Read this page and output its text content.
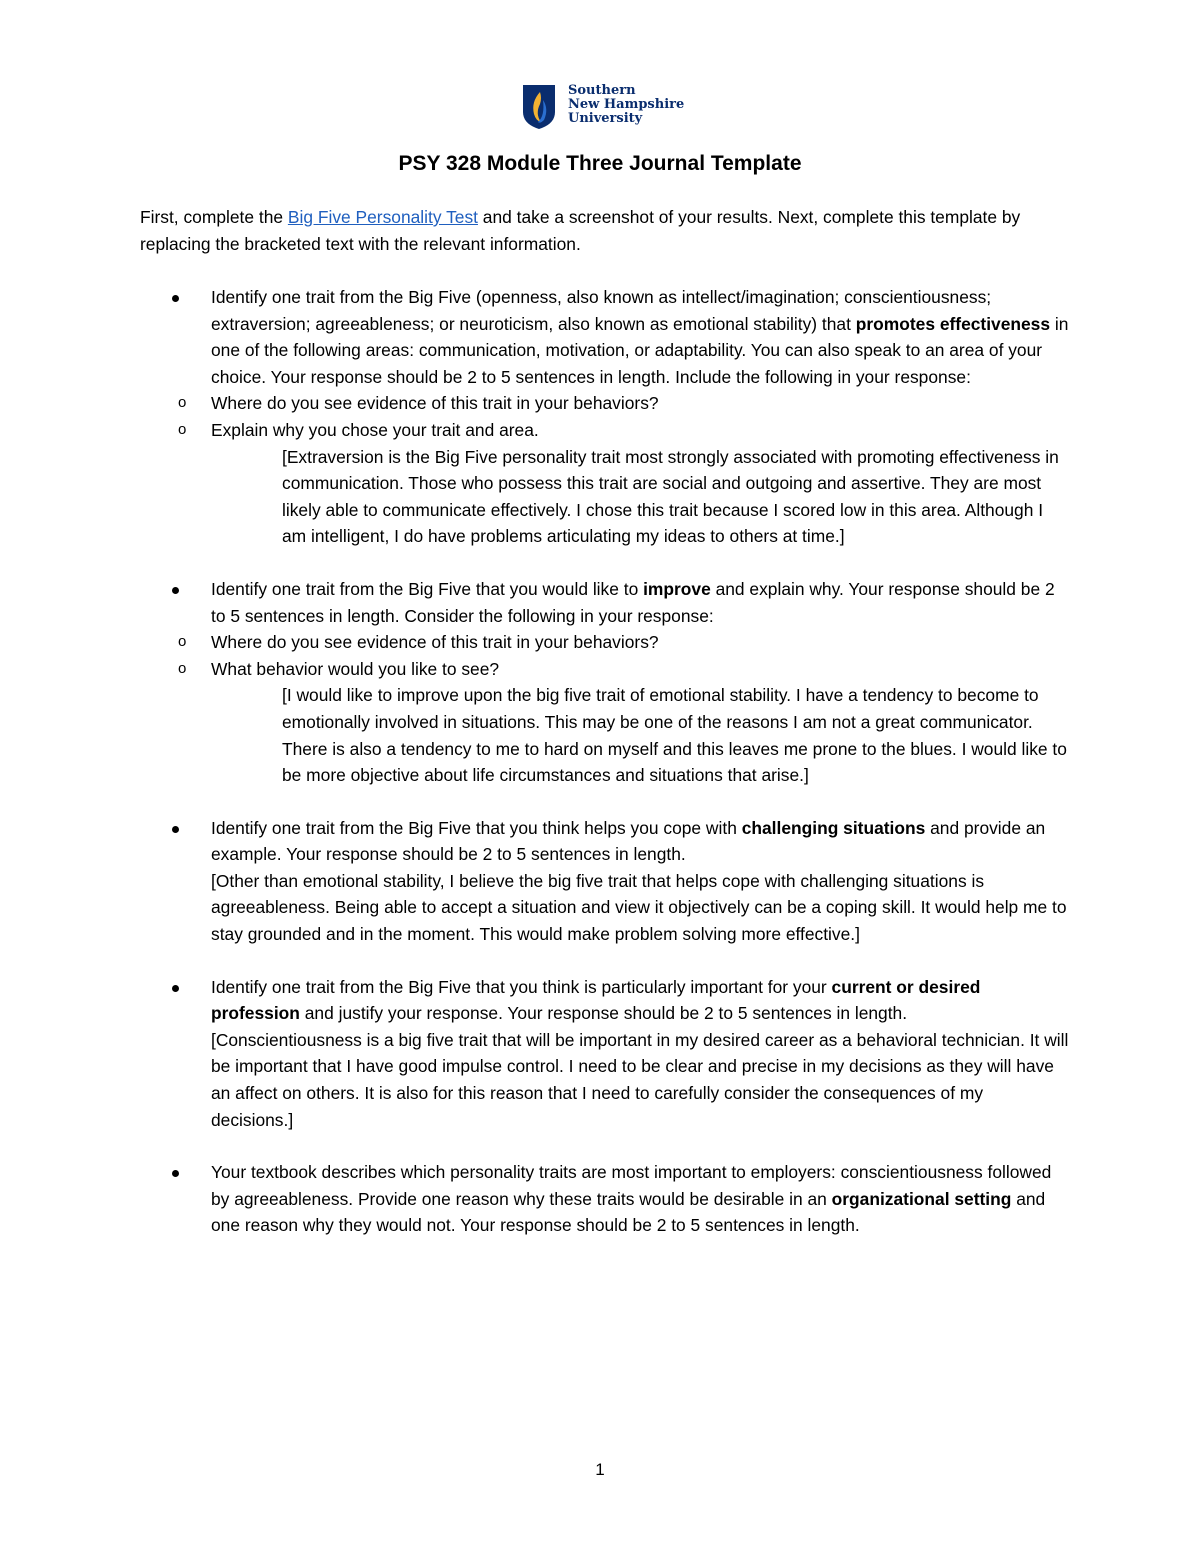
Southern
New Hampshire
University
PSY 328 Module Three Journal Template
First, complete the Big Five Personality Test and take a screenshot of your results. Next, complete this template by replacing the bracketed text with the relevant information.
Identify one trait from the Big Five (openness, also known as intellect/imagination; conscientiousness; extraversion; agreeableness; or neuroticism, also known as emotional stability) that promotes effectiveness in one of the following areas: communication, motivation, or adaptability. You can also speak to an area of your choice. Your response should be 2 to 5 sentences in length. Include the following in your response:
o Where do you see evidence of this trait in your behaviors?
o Explain why you chose your trait and area.
[Extraversion is the Big Five personality trait most strongly associated with promoting effectiveness in communication. Those who possess this trait are social and outgoing and assertive. They are most likely able to communicate effectively. I chose this trait because I scored low in this area. Although I am intelligent, I do have problems articulating my ideas to others at time.]
Identify one trait from the Big Five that you would like to improve and explain why. Your response should be 2 to 5 sentences in length. Consider the following in your response:
o Where do you see evidence of this trait in your behaviors?
o What behavior would you like to see?
[I would like to improve upon the big five trait of emotional stability. I have a tendency to become to emotionally involved in situations. This may be one of the reasons I am not a great communicator. There is also a tendency to me to hard on myself and this leaves me prone to the blues. I would like to be more objective about life circumstances and situations that arise.]
Identify one trait from the Big Five that you think helps you cope with challenging situations and provide an example. Your response should be 2 to 5 sentences in length.
[Other than emotional stability, I believe the big five trait that helps cope with challenging situations is agreeableness. Being able to accept a situation and view it objectively can be a coping skill. It would help me to stay grounded and in the moment. This would make problem solving more effective.]
Identify one trait from the Big Five that you think is particularly important for your current or desired profession and justify your response. Your response should be 2 to 5 sentences in length.
[Conscientiousness is a big five trait that will be important in my desired career as a behavioral technician. It will be important that I have good impulse control. I need to be clear and precise in my decisions as they will have an affect on others. It is also for this reason that I need to carefully consider the consequences of my decisions.]
Your textbook describes which personality traits are most important to employers: conscientiousness followed by agreeableness. Provide one reason why these traits would be desirable in an organizational setting and one reason why they would not. Your response should be 2 to 5 sentences in length.
1
